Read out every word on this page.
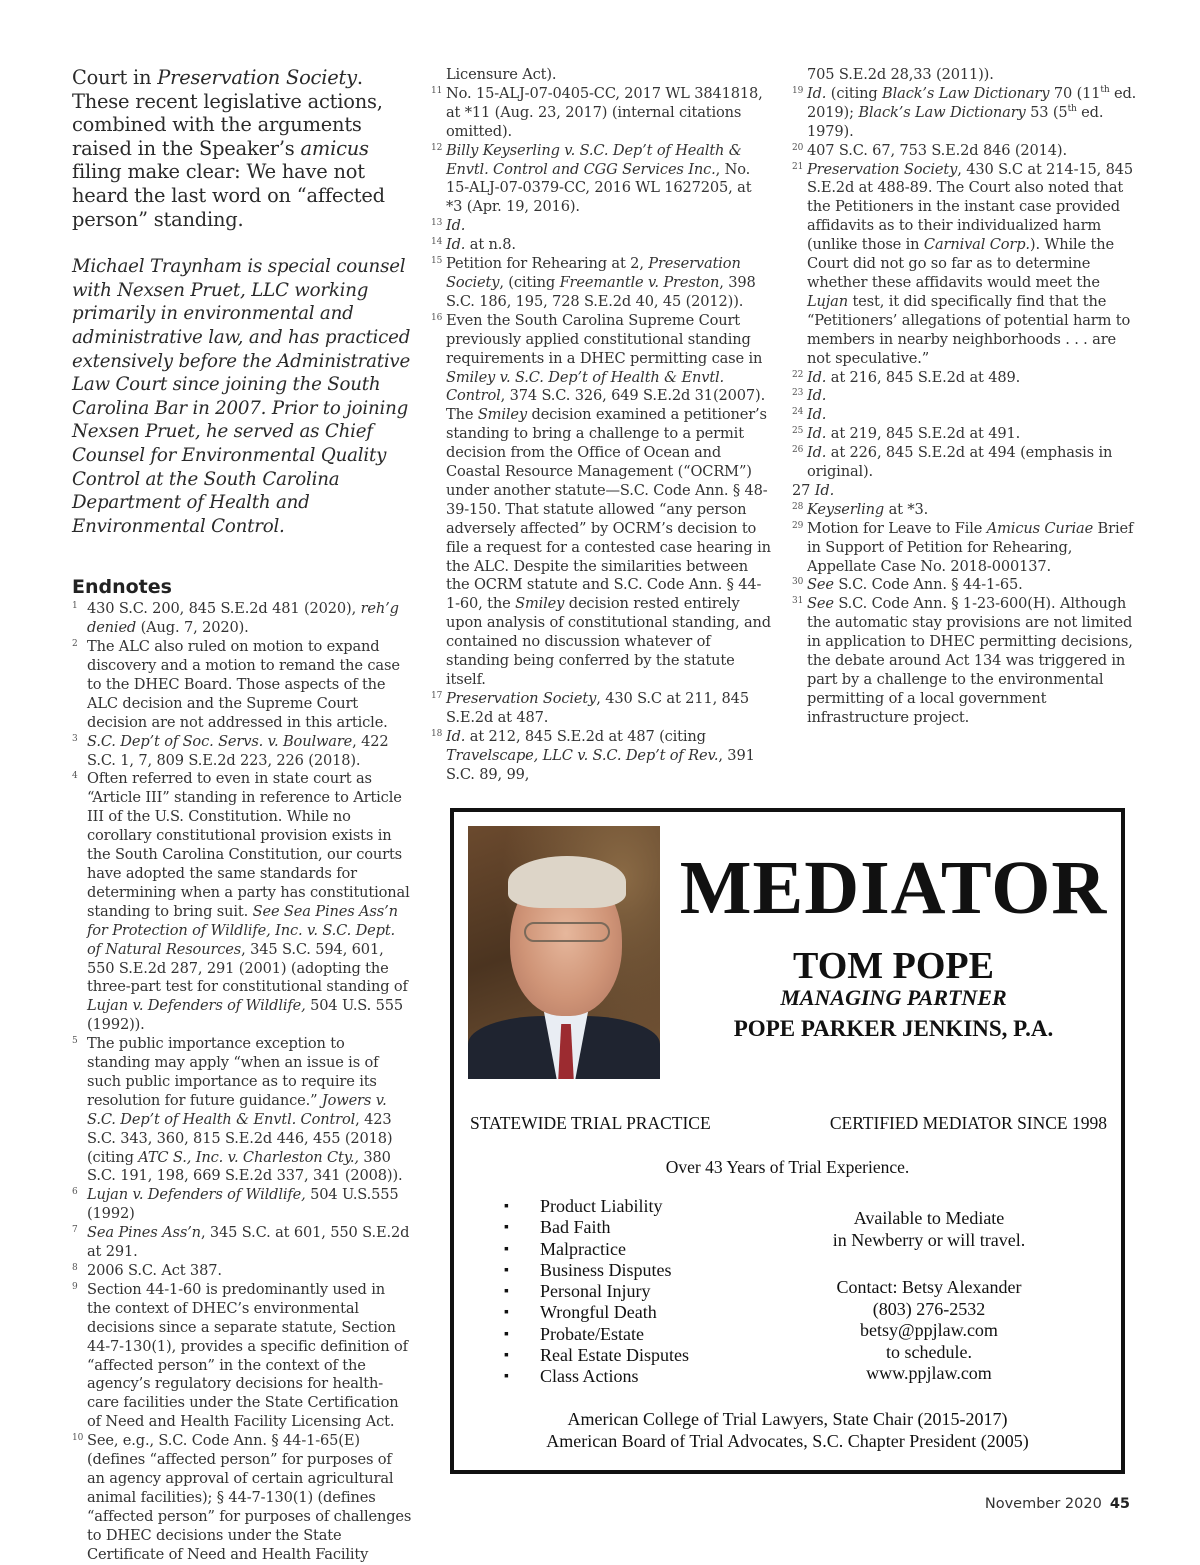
Court in Preservation Society. These recent legislative actions, combined with the arguments raised in the Speaker’s amicus filing make clear: We have not heard the last word on “affected person” standing.

Michael Traynham is special counsel with Nexsen Pruet, LLC working primarily in environmental and administrative law, and has practiced extensively before the Administrative Law Court since joining the South Carolina Bar in 2007. Prior to joining Nexsen Pruet, he served as Chief Counsel for Environmental Quality Control at the South Carolina Department of Health and Environmental Control.

Endnotes
1 430 S.C. 200, 845 S.E.2d 481 (2020), reh’g denied (Aug. 7, 2020).
2 The ALC also ruled on motion to expand discovery and a motion to remand the case to the DHEC Board. Those aspects of the ALC decision and the Supreme Court decision are not addressed in this article.
3 S.C. Dep’t of Soc. Servs. v. Boulware, 422 S.C. 1, 7, 809 S.E.2d 223, 226 (2018).
4 Often referred to even in state court as “Article III” standing in reference to Article III of the U.S. Constitution. While no corollary constitutional provision exists in the South Carolina Constitution, our courts have adopted the same standards for determining when a party has constitutional standing to bring suit. See Sea Pines Ass’n for Protection of Wildlife, Inc. v. S.C. Dept. of Natural Resources, 345 S.C. 594, 601, 550 S.E.2d 287, 291 (2001) (adopting the three-part test for constitutional standing of Lujan v. Defenders of Wildlife, 504 U.S. 555 (1992)).
5 The public importance exception to standing may apply “when an issue is of such public importance as to require its resolution for future guidance.” Jowers v. S.C. Dep’t of Health & Envtl. Control, 423 S.C. 343, 360, 815 S.E.2d 446, 455 (2018) (citing ATC S., Inc. v. Charleston Cty., 380 S.C. 191, 198, 669 S.E.2d 337, 341 (2008)).
6 Lujan v. Defenders of Wildlife, 504 U.S.555 (1992)
7 Sea Pines Ass’n, 345 S.C. at 601, 550 S.E.2d at 291.
8 2006 S.C. Act 387.
9 Section 44-1-60 is predominantly used in the context of DHEC’s environmental decisions since a separate statute, Section 44-7-130(1), provides a specific definition of “affected person” in the context of the agency’s regulatory decisions for health-care facilities under the State Certification of Need and Health Facility Licensing Act.
10 See, e.g., S.C. Code Ann. § 44-1-65(E) (defines “affected person” for purposes of an agency approval of certain agricultural animal facilities); § 44-7-130(1) (defines “affected person” for purposes of challenges to DHEC decisions under the State Certificate of Need and Health Facility
Licensure Act).
11 No. 15-ALJ-07-0405-CC, 2017 WL 3841818, at *11 (Aug. 23, 2017) (internal citations omitted).
12 Billy Keyserling v. S.C. Dep’t of Health & Envtl. Control and CGG Services Inc., No. 15-ALJ-07-0379-CC, 2016 WL 1627205, at *3 (Apr. 19, 2016).
13 Id.
14 Id. at n.8.
15 Petition for Rehearing at 2, Preservation Society, (citing Freemantle v. Preston, 398 S.C. 186, 195, 728 S.E.2d 40, 45 (2012)).
16 Even the South Carolina Supreme Court previously applied constitutional standing requirements in a DHEC permitting case in Smiley v. S.C. Dep’t of Health & Envtl. Control, 374 S.C. 326, 649 S.E.2d 31(2007). The Smiley decision examined a petitioner’s standing to bring a challenge to a permit decision from the Office of Ocean and Coastal Resource Management (“OCRM”) under another statute—S.C. Code Ann. § 48-39-150. That statute allowed “any person adversely affected” by OCRM’s decision to file a request for a contested case hearing in the ALC. Despite the similarities between the OCRM statute and S.C. Code Ann. § 44-1-60, the Smiley decision rested entirely upon analysis of constitutional standing, and contained no discussion whatever of standing being conferred by the statute itself.
17 Preservation Society, 430 S.C at 211, 845 S.E.2d at 487.
18 Id. at 212, 845 S.E.2d at 487 (citing Travelscape, LLC v. S.C. Dep’t of Rev., 391 S.C. 89, 99,
705 S.E.2d 28,33 (2011)).
19 Id. (citing Black’s Law Dictionary 70 (11th ed. 2019); Black’s Law Dictionary 53 (5th ed. 1979).
20 407 S.C. 67, 753 S.E.2d 846 (2014).
21 Preservation Society, 430 S.C at 214-15, 845 S.E.2d at 488-89. The Court also noted that the Petitioners in the instant case provided affidavits as to their individualized harm (unlike those in Carnival Corp.). While the Court did not go so far as to determine whether these affidavits would meet the Lujan test, it did specifically find that the “Petitioners’ allegations of potential harm to members in nearby neighborhoods . . . are not speculative.”
22 Id. at 216, 845 S.E.2d at 489.
23 Id.
24 Id.
25 Id. at 219, 845 S.E.2d at 491.
26 Id. at 226, 845 S.E.2d at 494 (emphasis in original).
27 Id.
28 Keyserling at *3.
29 Motion for Leave to File Amicus Curiae Brief in Support of Petition for Rehearing, Appellate Case No. 2018-000137.
30 See S.C. Code Ann. § 44-1-65.
31 See S.C. Code Ann. § 1-23-600(H). Although the automatic stay provisions are not limited in application to DHEC permitting decisions, the debate around Act 134 was triggered in part by a challenge to the environmental permitting of a local government infrastructure project.
MEDIATOR
TOM POPE
MANAGING PARTNER
POPE PARKER JENKINS, P.A.
STATEWIDE TRIAL PRACTICE	CERTIFIED MEDIATOR SINCE 1998
Over 43 Years of Trial Experience.
▪ Product Liability
▪ Bad Faith
▪ Malpractice
▪ Business Disputes
▪ Personal Injury
▪ Wrongful Death
▪ Probate/Estate
▪ Real Estate Disputes
▪ Class Actions
Available to Mediate
in Newberry or will travel.
Contact: Betsy Alexander
(803) 276-2532
betsy@ppjlaw.com
to schedule.
www.ppjlaw.com
American College of Trial Lawyers, State Chair (2015-2017)
American Board of Trial Advocates, S.C. Chapter President (2005)
November 2020 45
